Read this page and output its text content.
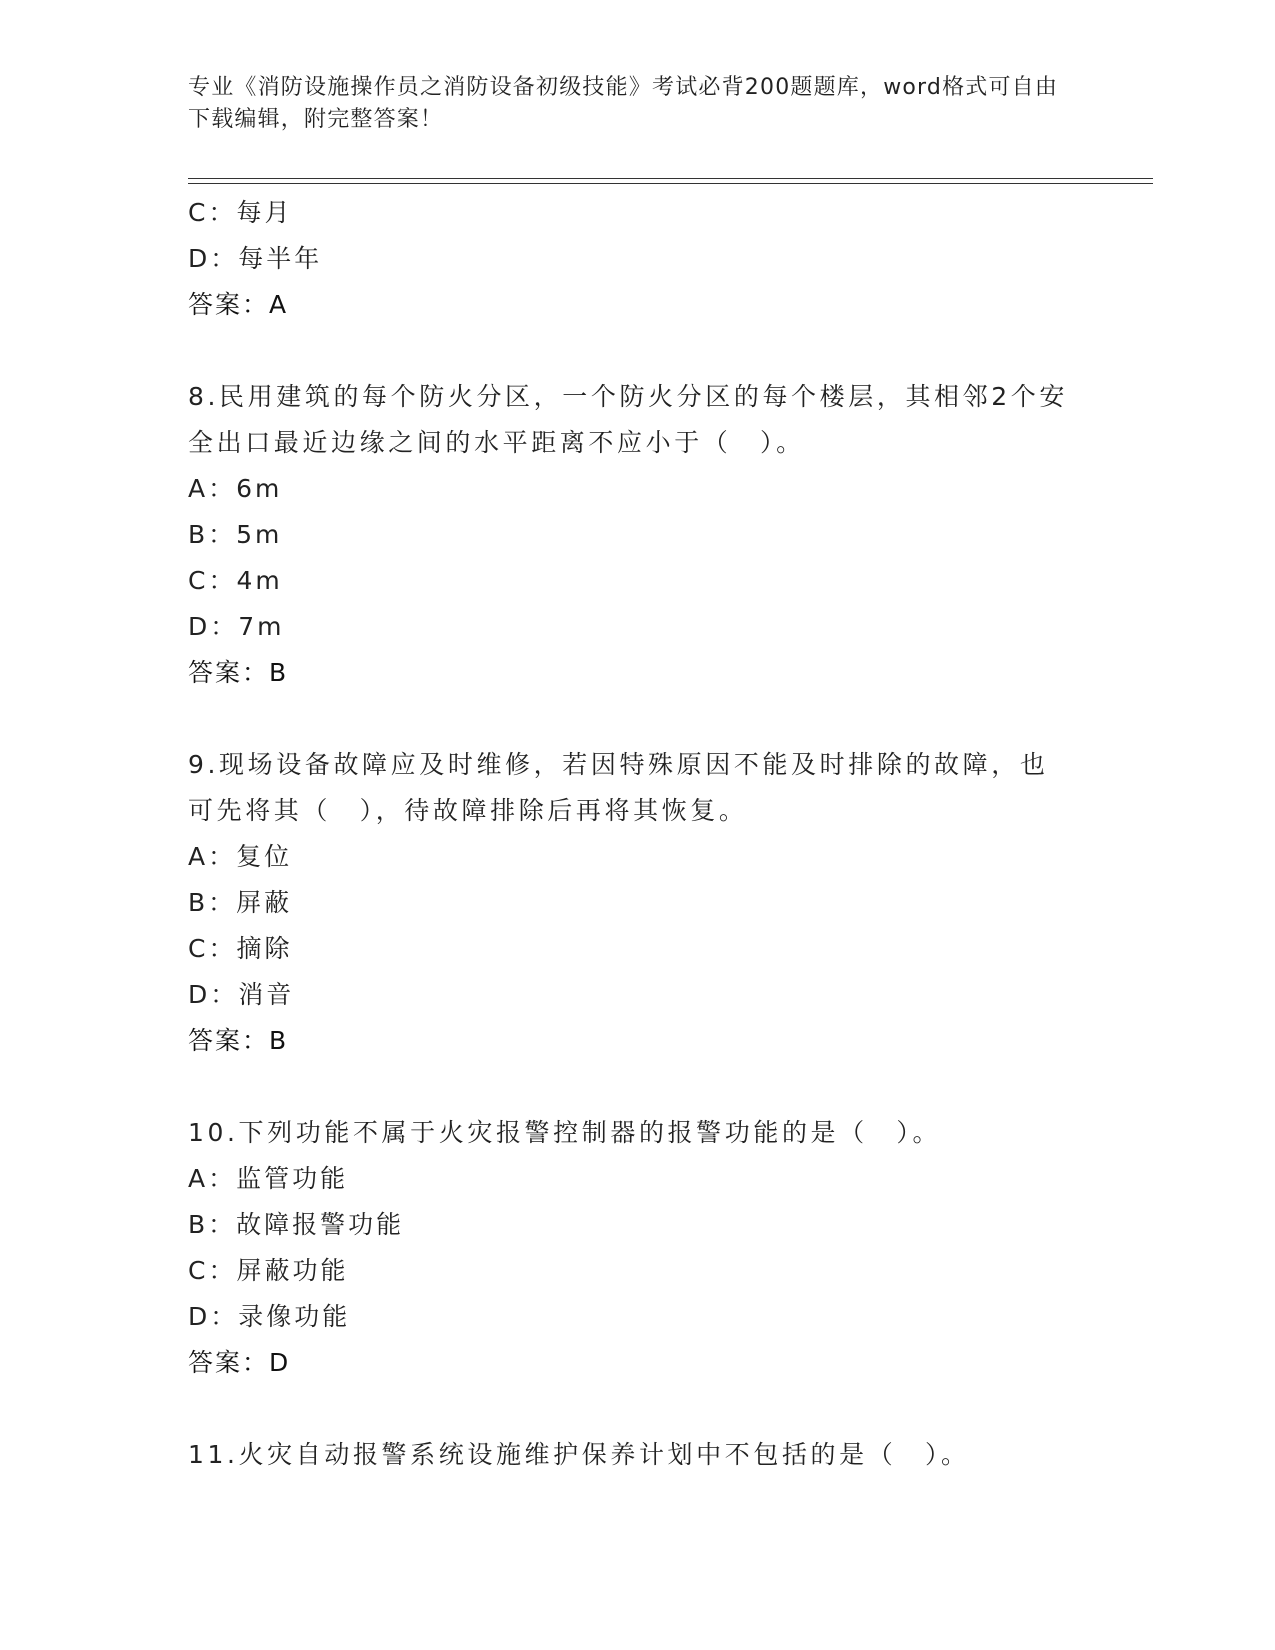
专业《消防设施操作员之消防设备初级技能》考试必背200题题库，word格式可自由下载编辑，附完整答案！
C：每月
D：每半年
答案：A
8.民用建筑的每个防火分区，一个防火分区的每个楼层，其相邻2个安全出口最近边缘之间的水平距离不应小于（　）。
A：6m
B：5m
C：4m
D：7m
答案：B
9.现场设备故障应及时维修，若因特殊原因不能及时排除的故障，也可先将其（　），待故障排除后再将其恢复。
A：复位
B：屏蔽
C：摘除
D：消音
答案：B
10.下列功能不属于火灾报警控制器的报警功能的是（　）。
A：监管功能
B：故障报警功能
C：屏蔽功能
D：录像功能
答案：D
11.火灾自动报警系统设施维护保养计划中不包括的是（　）。
